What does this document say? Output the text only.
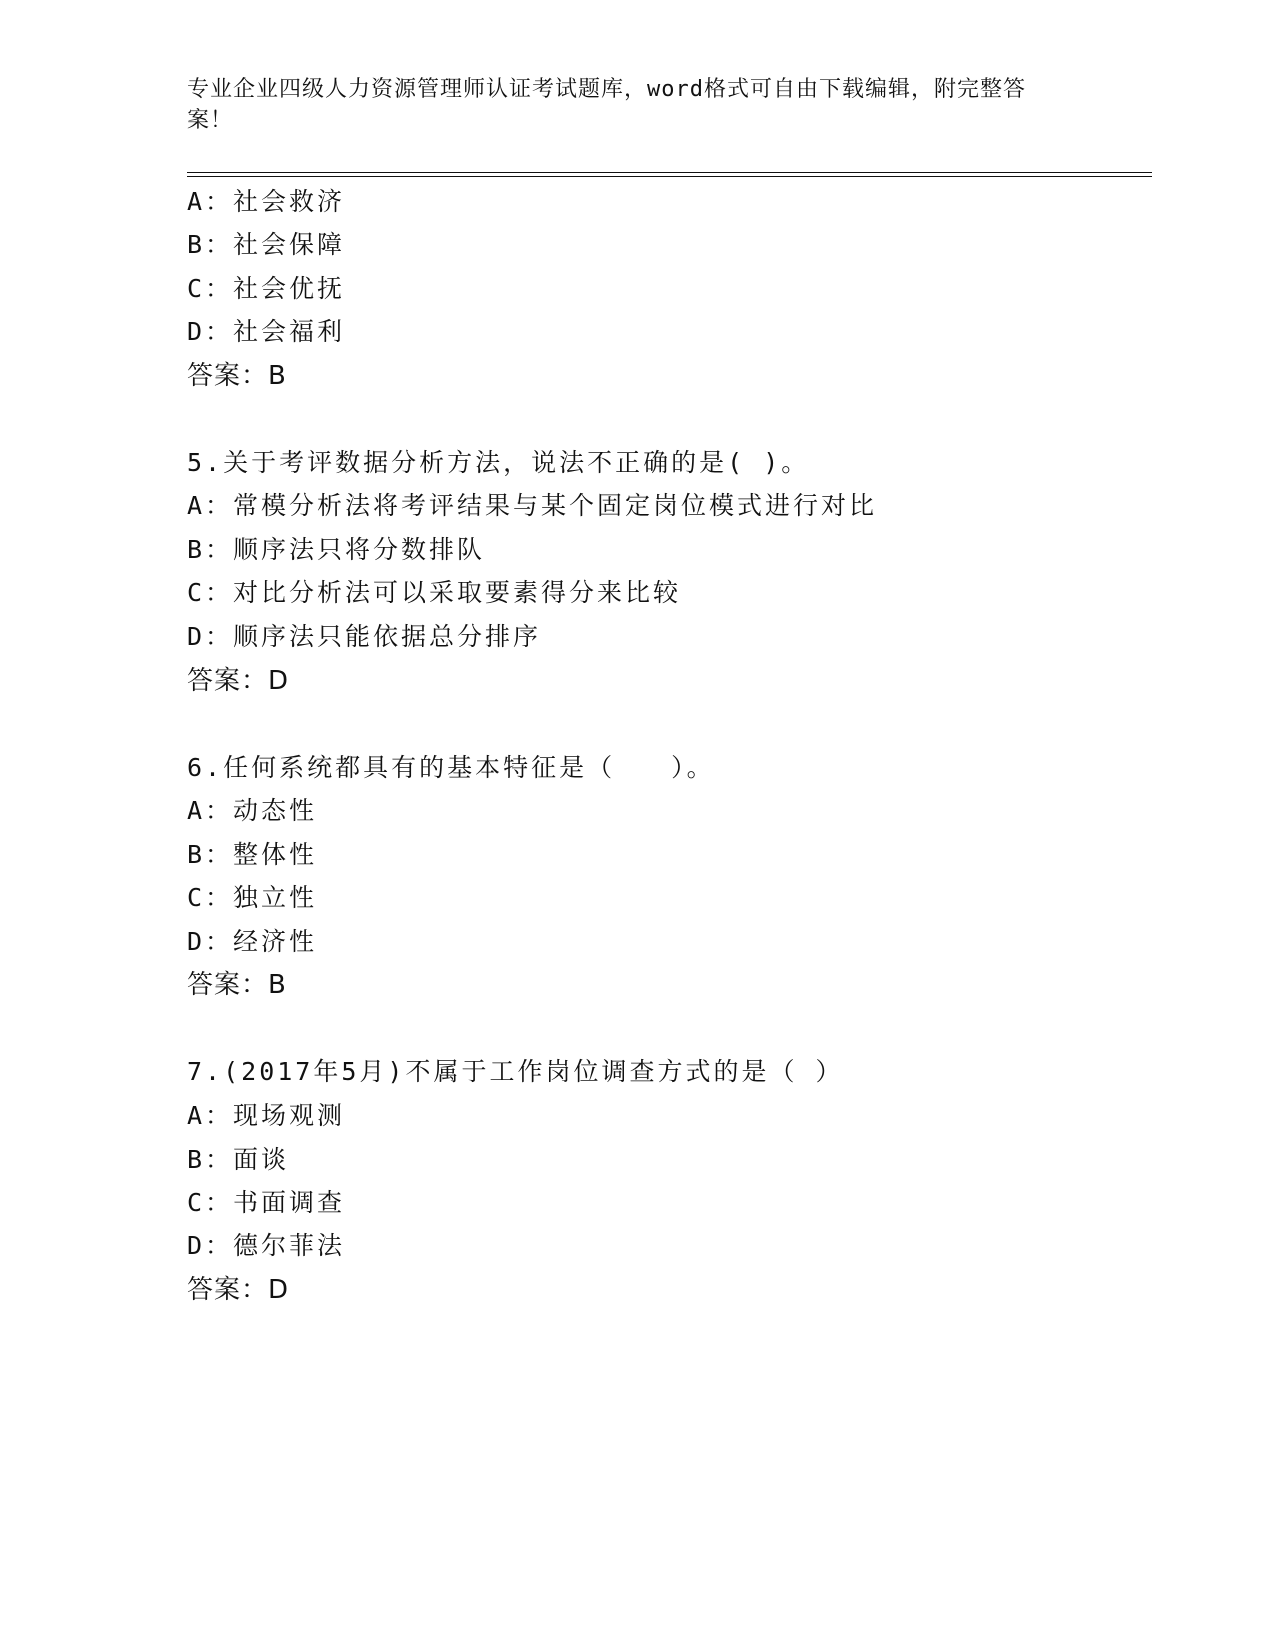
专业企业四级人力资源管理师认证考试题库，word格式可自由下载编辑，附完整答案！
A：社会救济
B：社会保障
C：社会优抚
D：社会福利
答案：B
5.关于考评数据分析方法，说法不正确的是( )。
A：常模分析法将考评结果与某个固定岗位模式进行对比
B：顺序法只将分数排队
C：对比分析法可以采取要素得分来比较
D：顺序法只能依据总分排序
答案：D
6.任何系统都具有的基本特征是（　　）。
A：动态性
B：整体性
C：独立性
D：经济性
答案：B
7.(2017年5月)不属于工作岗位调查方式的是（ ）
A：现场观测
B：面谈
C：书面调查
D：德尔菲法
答案：D
